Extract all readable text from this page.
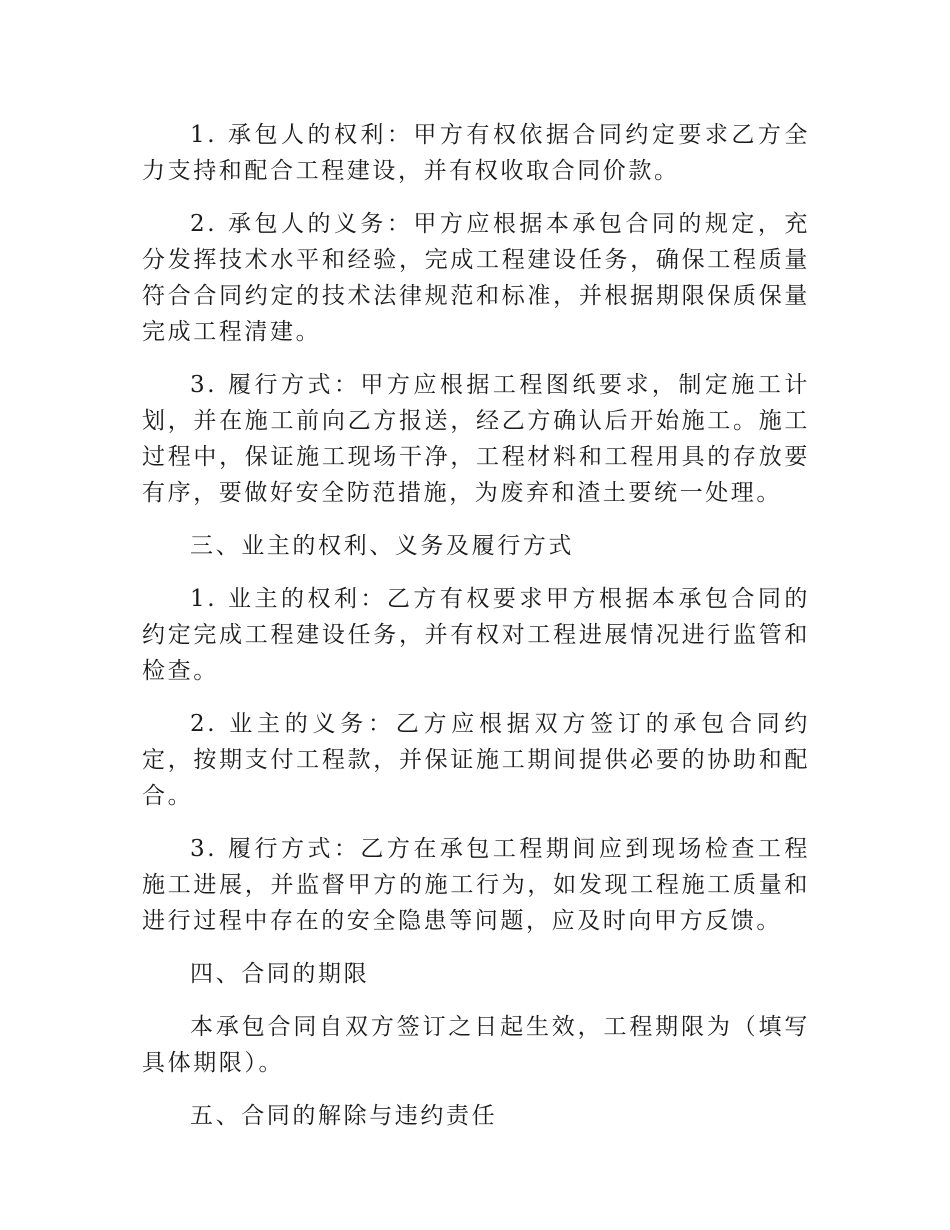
1. 承包人的权利：甲方有权依据合同约定要求乙方全力支持和配合工程建设，并有权收取合同价款。

2. 承包人的义务：甲方应根据本承包合同的规定，充分发挥技术水平和经验，完成工程建设任务，确保工程质量符合合同约定的技术法律规范和标准，并根据期限保质保量完成工程清建。

3. 履行方式：甲方应根据工程图纸要求，制定施工计划，并在施工前向乙方报送，经乙方确认后开始施工。施工过程中，保证施工现场干净，工程材料和工程用具的存放要有序，要做好安全防范措施，为废弃和渣土要统一处理。

三、业主的权利、义务及履行方式

1. 业主的权利：乙方有权要求甲方根据本承包合同的约定完成工程建设任务，并有权对工程进展情况进行监管和检查。

2. 业主的义务：乙方应根据双方签订的承包合同约定，按期支付工程款，并保证施工期间提供必要的协助和配合。

3. 履行方式：乙方在承包工程期间应到现场检查工程施工进展，并监督甲方的施工行为，如发现工程施工质量和进行过程中存在的安全隐患等问题，应及时向甲方反馈。

四、合同的期限

本承包合同自双方签订之日起生效，工程期限为（填写具体期限）。

五、合同的解除与违约责任
